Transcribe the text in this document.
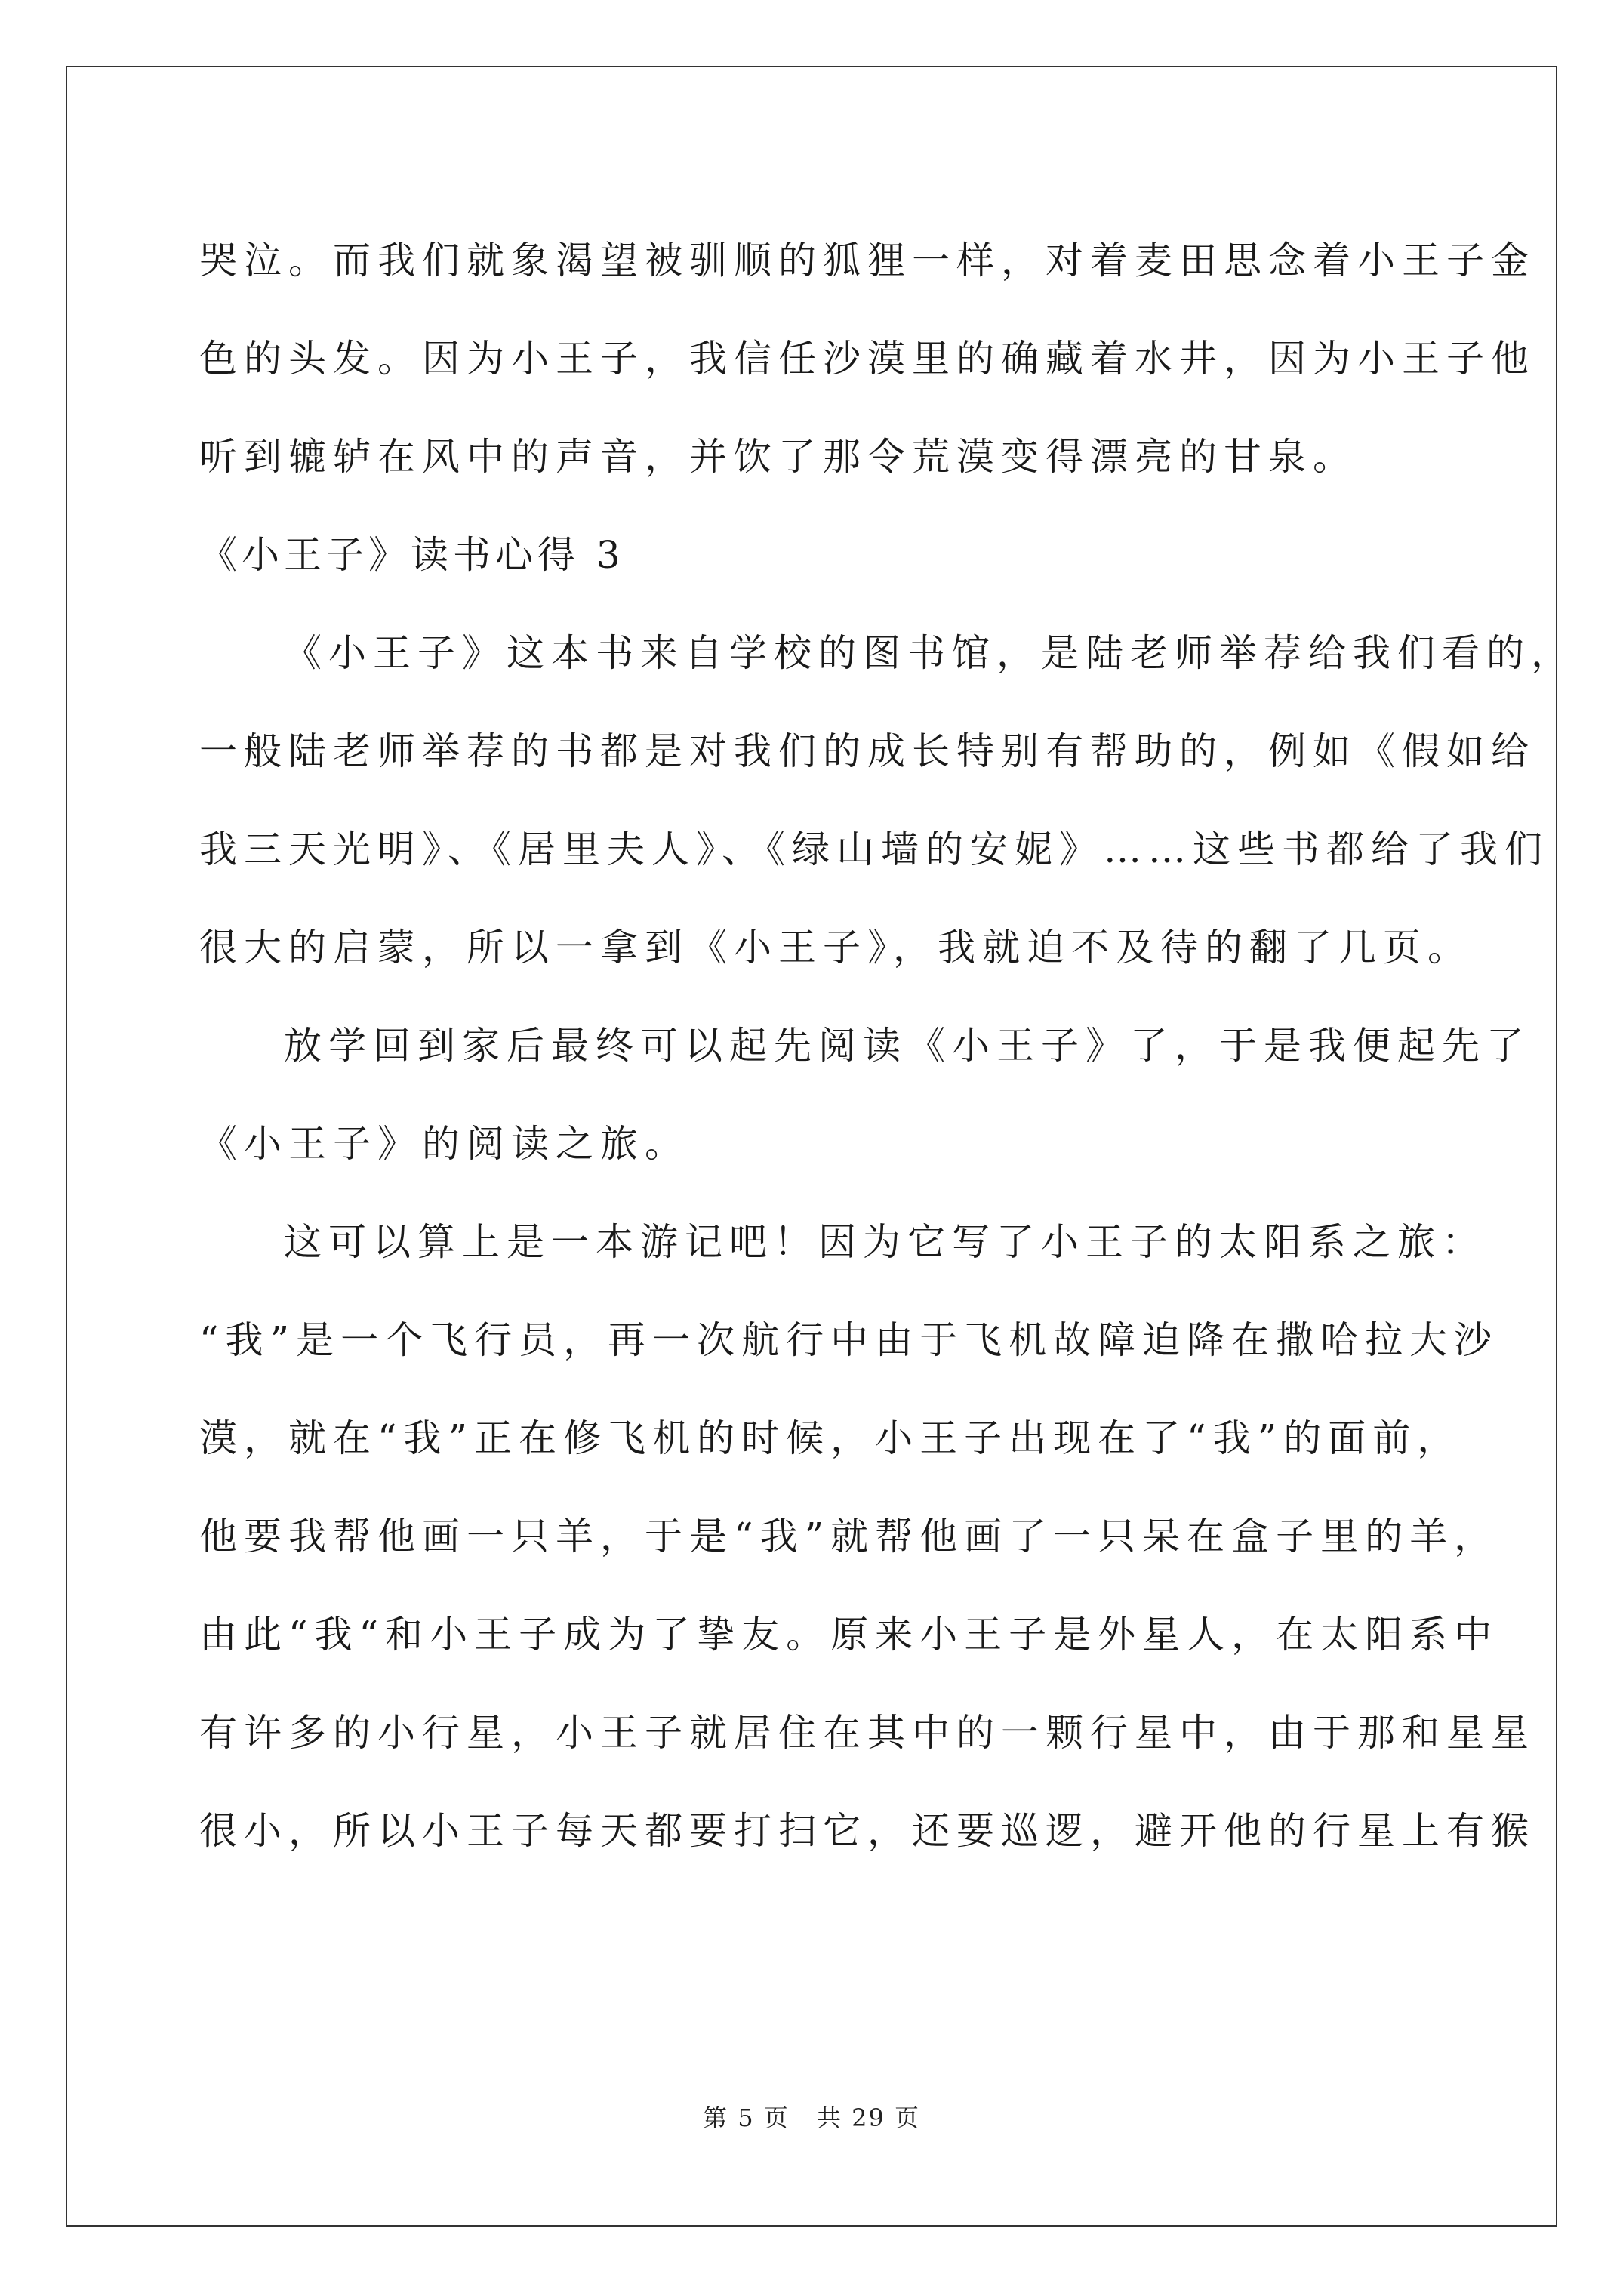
哭泣。而我们就象渴望被驯顺的狐狸一样，对着麦田思念着小王子金
色的头发。因为小王子，我信任沙漠里的确藏着水井，因为小王子他
听到辘轳在风中的声音，并饮了那令荒漠变得漂亮的甘泉。
《小王子》读书心得 3
《小王子》这本书来自学校的图书馆，是陆老师举荐给我们看的，
一般陆老师举荐的书都是对我们的成长特别有帮助的，例如《假如给
我三天光明》、《居里夫人》、《绿山墙的安妮》……这些书都给了我们
很大的启蒙，所以一拿到《小王子》，我就迫不及待的翻了几页。
放学回到家后最终可以起先阅读《小王子》了，于是我便起先了
《小王子》的阅读之旅。
这可以算上是一本游记吧！因为它写了小王子的太阳系之旅：
“我”是一个飞行员，再一次航行中由于飞机故障迫降在撒哈拉大沙
漠，就在“我”正在修飞机的时候，小王子出现在了“我”的面前，
他要我帮他画一只羊，于是“我”就帮他画了一只呆在盒子里的羊，
由此“我“和小王子成为了挚友。原来小王子是外星人，在太阳系中
有许多的小行星，小王子就居住在其中的一颗行星中，由于那和星星
很小，所以小王子每天都要打扫它，还要巡逻，避开他的行星上有猴
第 5 页 共 29 页
